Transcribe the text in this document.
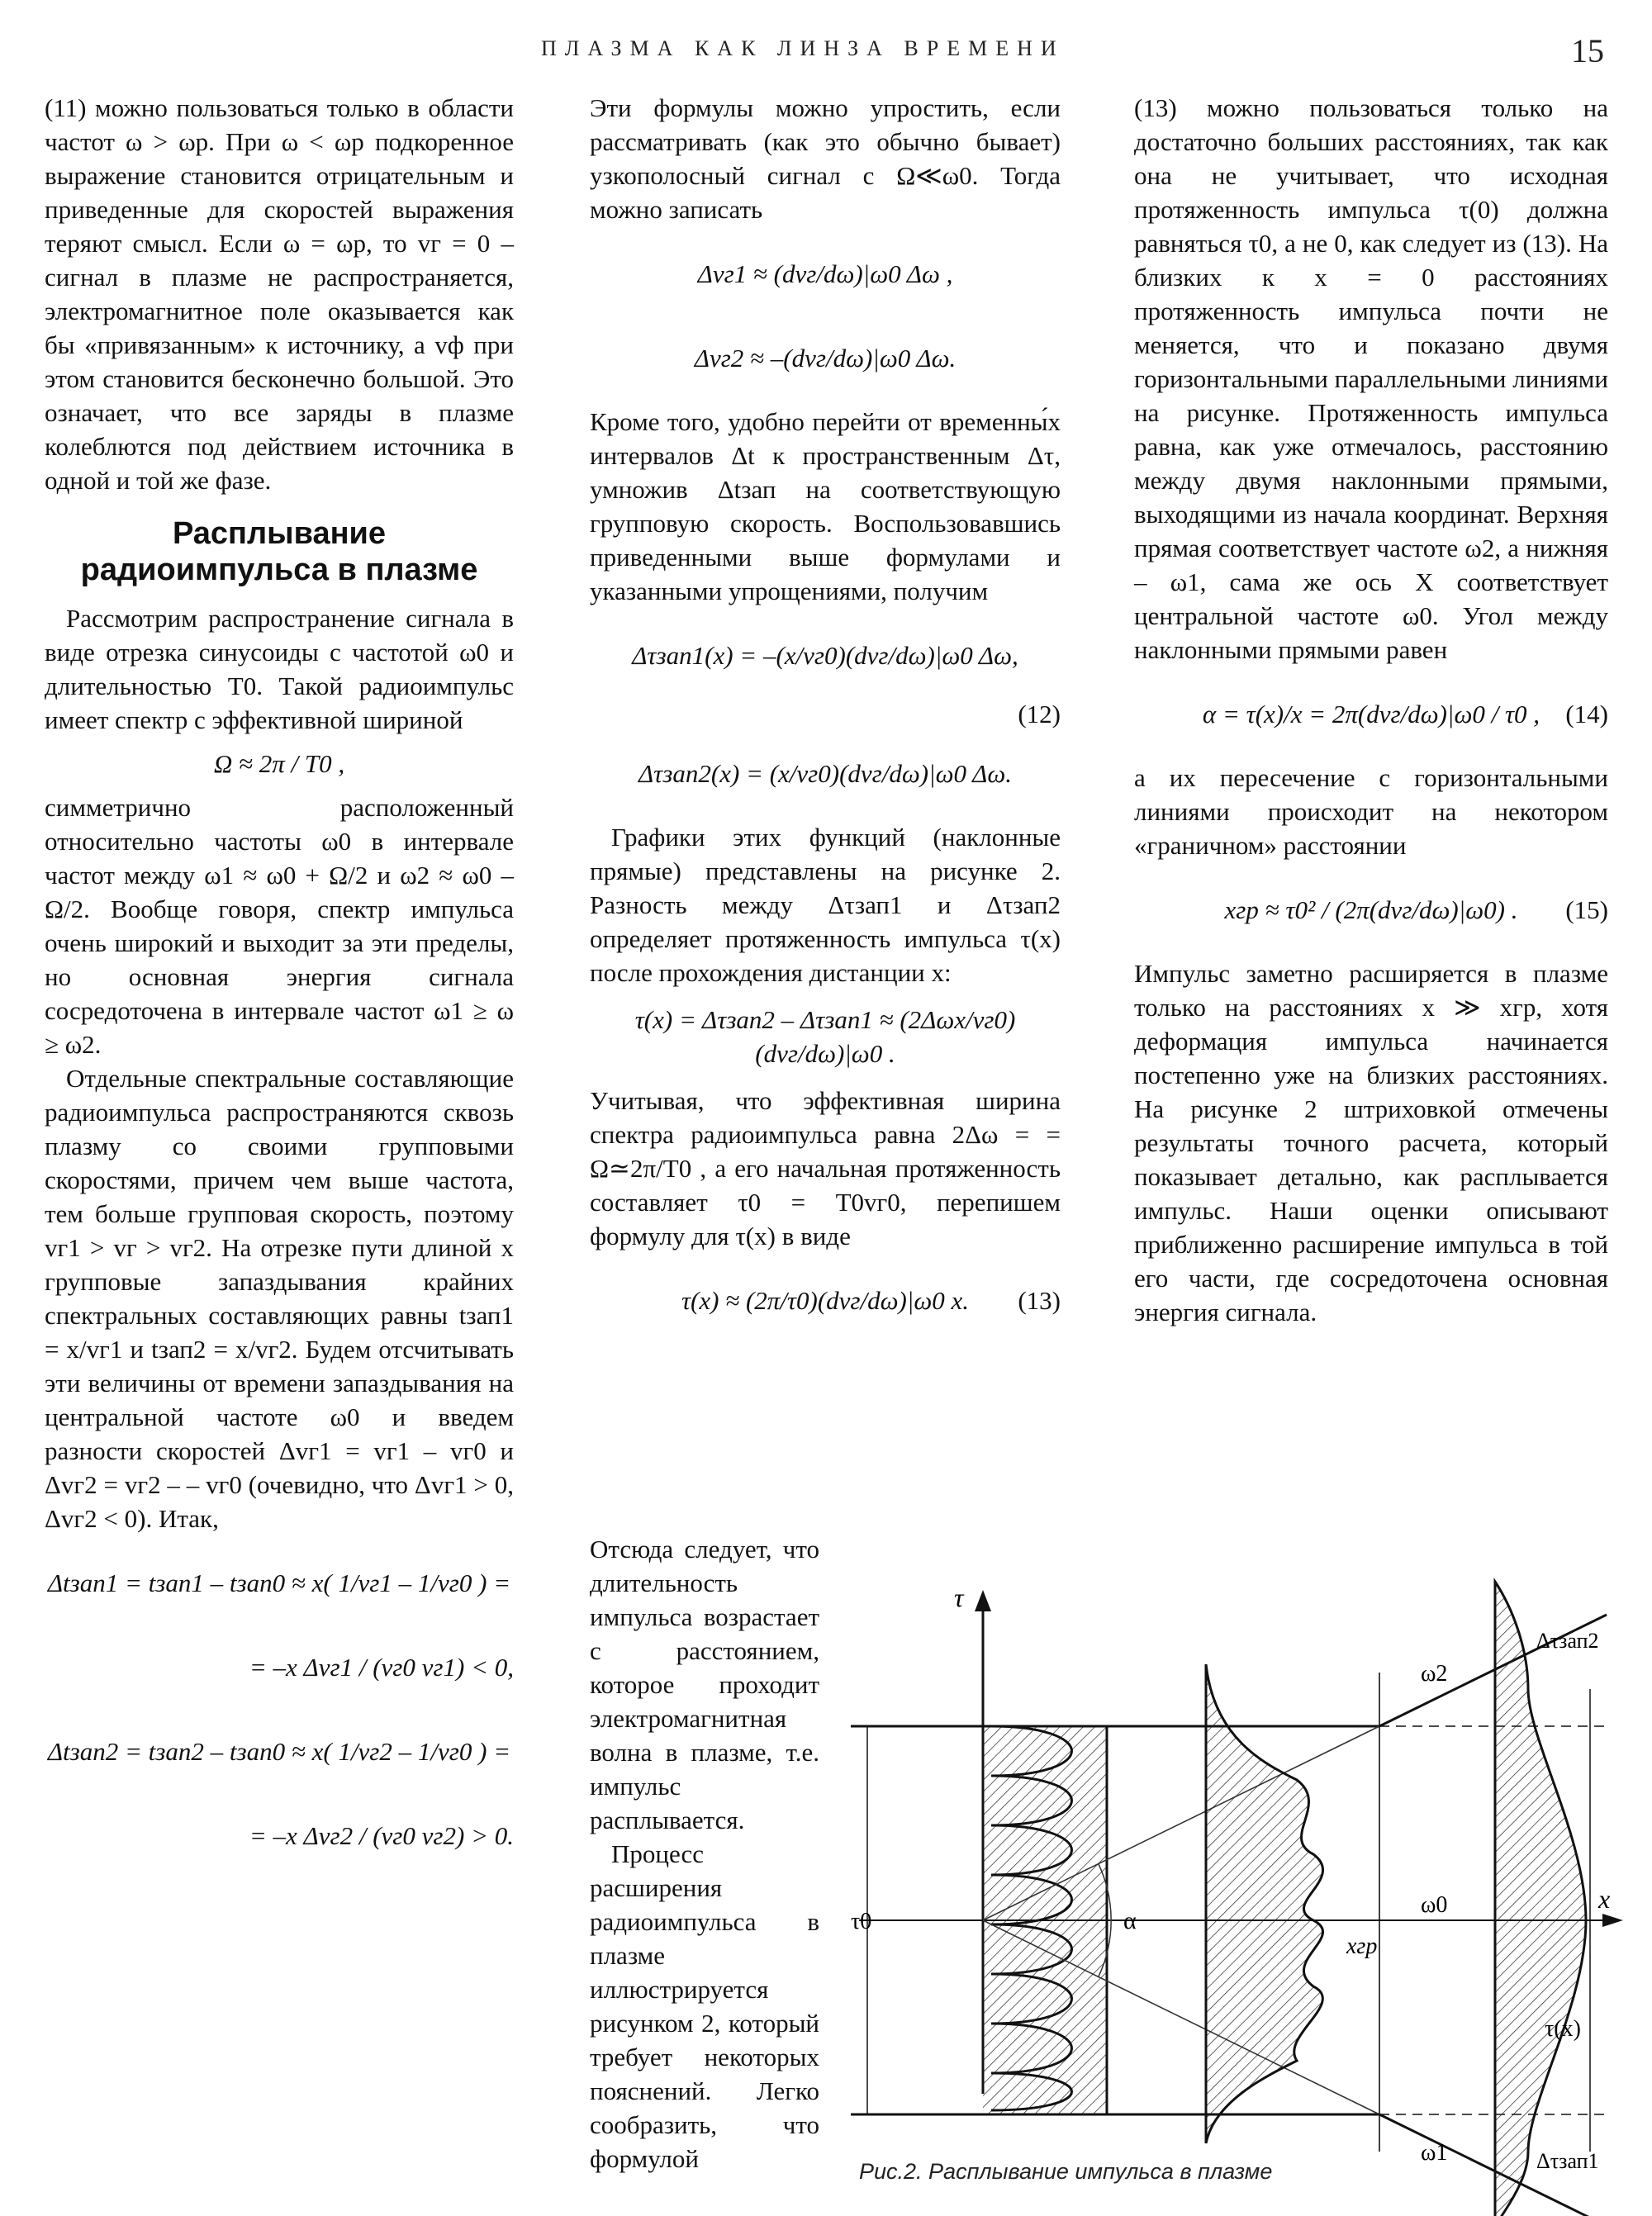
ПЛАЗМА КАК ЛИНЗА ВРЕМЕНИ	15

(11) можно пользоваться только в области частот ω > ωp. При ω < ωp подкоренное выражение становится отрицательным и приведенные для скоростей выражения теряют смысл. Если ω = ωp, то vг = 0 – сигнал в плазме не распространяется, электромагнитное поле оказывается как бы «привязанным» к источнику, а vф при этом становится бесконечно большой. Это означает, что все заряды в плазме колеблются под действием источника в одной и той же фазе.

Расплывание радиоимпульса в плазме

Рассмотрим распространение сигнала в виде отрезка синусоиды с частотой ω0 и длительностью T0. Такой радиоимпульс имеет спектр с эффективной шириной

Ω ≈ 2π / T0 ,

симметрично расположенный относительно частоты ω0 в интервале частот между ω1 ≈ ω0 + Ω/2 и ω2 ≈ ω0 – Ω/2. Вообще говоря, спектр импульса очень широкий и выходит за эти пределы, но основная энергия сигнала сосредоточена в интервале частот ω1 ≥ ω ≥ ω2.

Отдельные спектральные составляющие радиоимпульса распространяются сквозь плазму со своими групповыми скоростями, причем чем выше частота, тем больше групповая скорость, поэтому vг1 > vг > vг2. На отрезке пути длиной x групповые запаздывания крайних спектральных составляющих равны tзап1 = x/vг1 и tзап2 = x/vг2. Будем отсчитывать эти величины от времени запаздывания на центральной частоте ω0 и введем разности скоростей Δvг1 = vг1 – vг0 и Δvг2 = vг2 – – vг0 (очевидно, что Δvг1 > 0, Δvг2 < 0). Итак,

Δtзап1 = tзап1 – tзап0 ≈ x( 1/vг1 – 1/vг0 ) =
= –x Δvг1 / (vг0 vг1) < 0,
Δtзап2 = tзап2 – tзап0 ≈ x( 1/vг2 – 1/vг0 ) =
= –x Δvг2 / (vг0 vг2) > 0.

Эти формулы можно упростить, если рассматривать (как это обычно бывает) узкополосный сигнал с Ω≪ω0. Тогда можно записать

Δvг1 ≈ (dvг/dω)|ω0 Δω ,
Δvг2 ≈ –(dvг/dω)|ω0 Δω.

Кроме того, удобно перейти от временны́х интервалов Δt к пространственным Δτ, умножив Δtзап на соответствующую групповую скорость. Воспользовавшись приведенными выше формулами и указанными упрощениями, получим

Δτзап1(x) = –(x/vг0)(dvг/dω)|ω0 Δω,
(12)
Δτзап2(x) = (x/vг0)(dvг/dω)|ω0 Δω.

Графики этих функций (наклонные прямые) представлены на рисунке 2. Разность между Δτзап1 и Δτзап2 определяет протяженность импульса τ(x) после прохождения дистанции x:

τ(x) = Δτзап2 – Δτзап1 ≈ (2Δωx/vг0)(dvг/dω)|ω0 .

Учитывая, что эффективная ширина спектра радиоимпульса равна 2Δω = = Ω≃2π/T0 , а его начальная протяженность составляет τ0 = T0vг0, перепишем формулу для τ(x) в виде

τ(x) ≈ (2π/τ0)(dvг/dω)|ω0 x. (13)

Отсюда следует, что длительность импульса возрастает с расстоянием, которое проходит электромагнитная волна в плазме, т.е. импульс расплывается.

Процесс расширения радиоимпульса в плазме иллюстрируется рисунком 2, который требует некоторых пояснений. Легко сообразить, что формулой

(13) можно пользоваться только на достаточно больших расстояниях, так как она не учитывает, что исходная протяженность импульса τ(0) должна равняться τ0, а не 0, как следует из (13). На близких к x = 0 расстояниях протяженность импульса почти не меняется, что и показано двумя горизонтальными параллельными линиями на рисунке. Протяженность импульса равна, как уже отмечалось, расстоянию между двумя наклонными прямыми, выходящими из начала координат. Верхняя прямая соответствует частоте ω2, а нижняя – ω1, сама же ось X соответствует центральной частоте ω0. Угол между наклонными прямыми равен

α = τ(x)/x = 2π(dvг/dω)|ω0 / τ0 , (14)

а их пересечение с горизонтальными линиями происходит на некотором «граничном» расстоянии

xгр ≈ τ0² / (2π(dvг/dω)|ω0) . (15)

Импульс заметно расширяется в плазме только на расстояниях x ≫ xгр, хотя деформация импульса начинается постепенно уже на близких расстояниях. На рисунке 2 штриховкой отмечены результаты точного расчета, который показывает детально, как расплывается импульс. Наши оценки описывают приближенно расширение импульса в той его части, где сосредоточена основная энергия сигнала.

τ
x
τ0	α
ω2
ω0
ω1
xгр
τ(x)
Δτзап2
Δτзап1
Рис.2. Расплывание импульса в плазме
